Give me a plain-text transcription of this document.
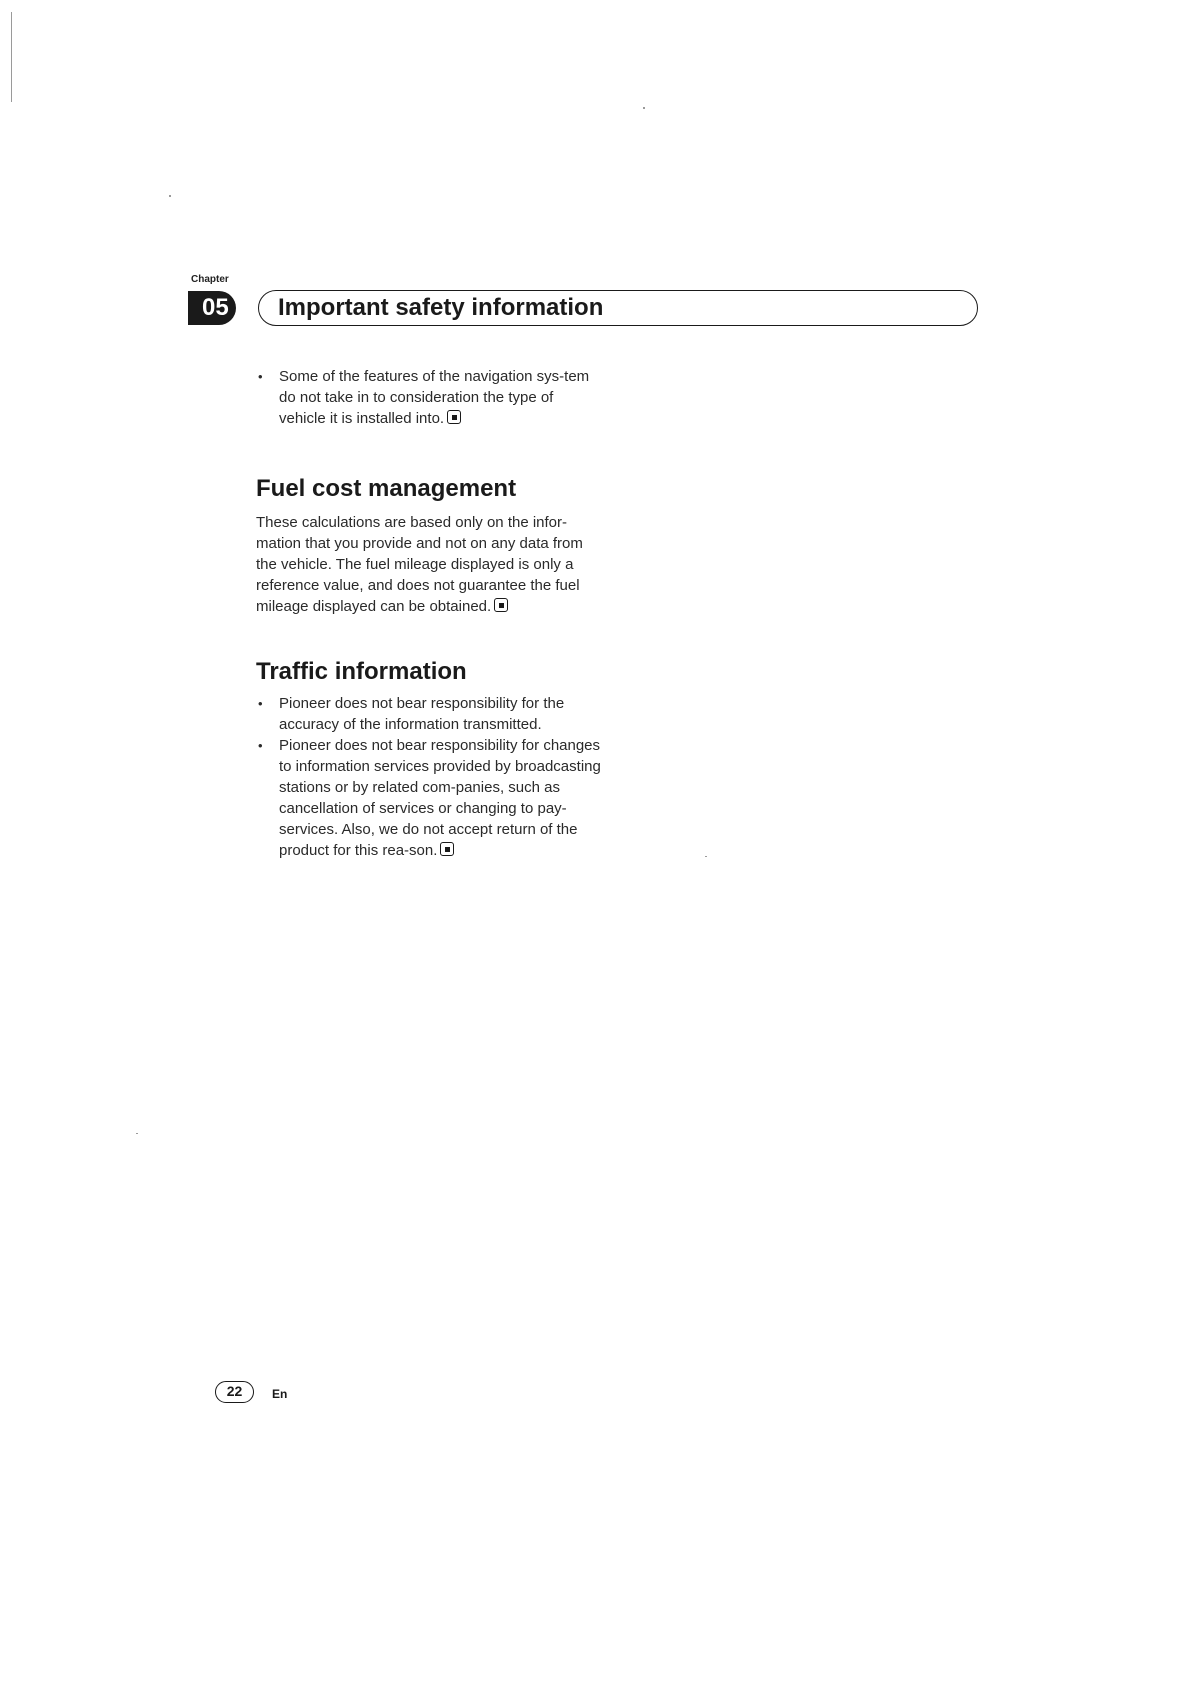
Chapter
05	Important safety information
• Some of the features of the navigation sys-tem do not take in to consideration the type of vehicle it is installed into.
Fuel cost management

These calculations are based only on the infor-mation that you provide and not on any data from the vehicle. The fuel mileage displayed is only a reference value, and does not guarantee the fuel mileage displayed can be obtained.

Traffic information
• Pioneer does not bear responsibility for the accuracy of the information transmitted.
• Pioneer does not bear responsibility for changes to information services provided by broadcasting stations or by related com-panies, such as cancellation of services or changing to pay-services. Also, we do not accept return of the product for this rea-son.
22	En
